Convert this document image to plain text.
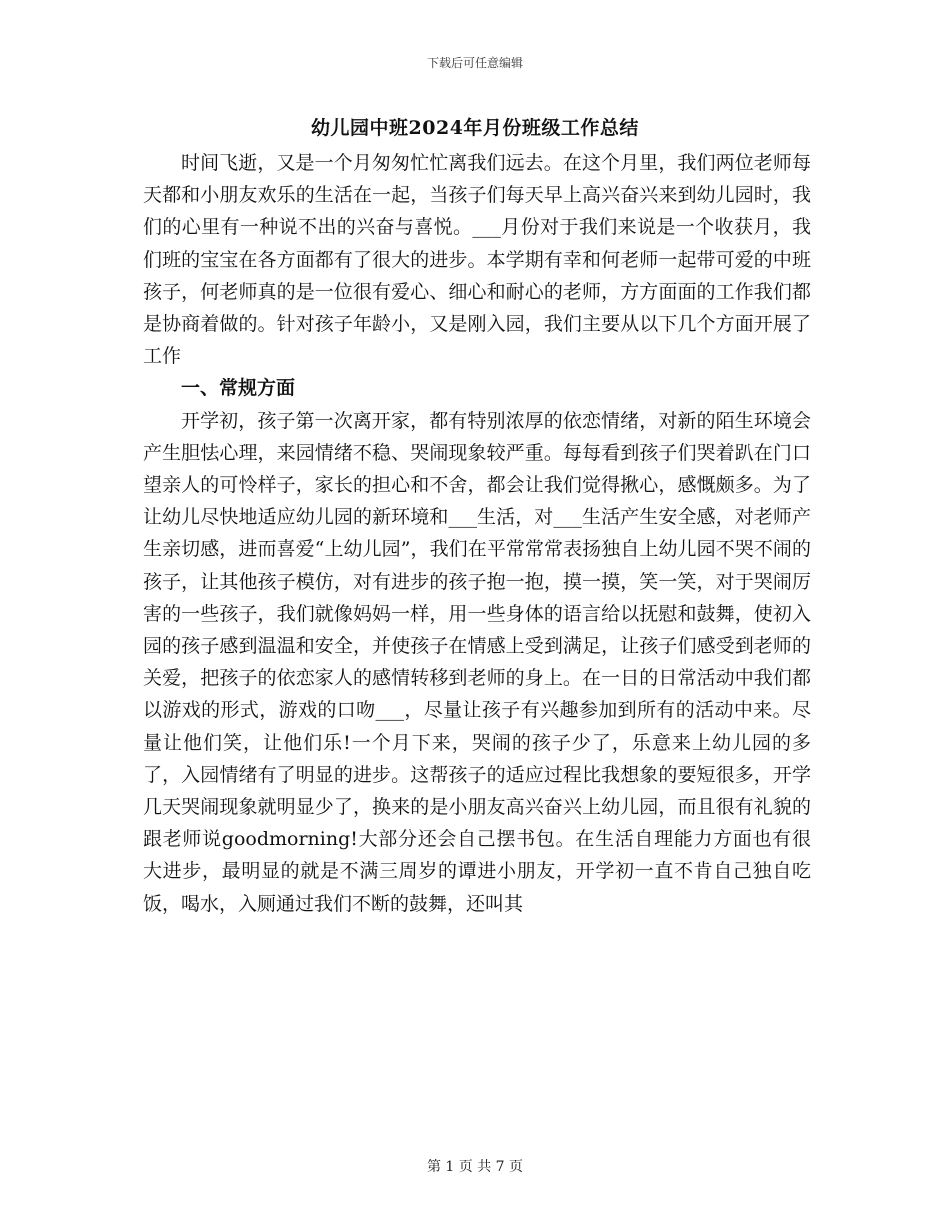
下载后可任意编辑
幼儿园中班2024年月份班级工作总结

时间飞逝，又是一个月匆匆忙忙离我们远去。在这个月里，我们两位老师每天都和小朋友欢乐的生活在一起，当孩子们每天早上高兴奋兴来到幼儿园时，我们的心里有一种说不出的兴奋与喜悦。___月份对于我们来说是一个收获月，我们班的宝宝在各方面都有了很大的进步。本学期有幸和何老师一起带可爱的中班孩子，何老师真的是一位很有爱心、细心和耐心的老师，方方面面的工作我们都是协商着做的。针对孩子年龄小，又是刚入园，我们主要从以下几个方面开展了工作

一、常规方面

开学初，孩子第一次离开家，都有特别浓厚的依恋情绪，对新的陌生环境会产生胆怯心理，来园情绪不稳、哭闹现象较严重。每每看到孩子们哭着趴在门口望亲人的可怜样子，家长的担心和不舍，都会让我们觉得揪心，感慨颇多。为了让幼儿尽快地适应幼儿园的新环境和___生活，对___生活产生安全感，对老师产生亲切感，进而喜爱“上幼儿园”，我们在平常常常表扬独自上幼儿园不哭不闹的孩子，让其他孩子模仿，对有进步的孩子抱一抱，摸一摸，笑一笑，对于哭闹厉害的一些孩子，我们就像妈妈一样，用一些身体的语言给以抚慰和鼓舞，使初入园的孩子感到温温和安全，并使孩子在情感上受到满足，让孩子们感受到老师的关爱，把孩子的依恋家人的感情转移到老师的身上。在一日的日常活动中我们都以游戏的形式，游戏的口吻___，尽量让孩子有兴趣参加到所有的活动中来。尽量让他们笑，让他们乐!一个月下来，哭闹的孩子少了，乐意来上幼儿园的多了，入园情绪有了明显的进步。这帮孩子的适应过程比我想象的要短很多，开学几天哭闹现象就明显少了，换来的是小朋友高兴奋兴上幼儿园，而且很有礼貌的跟老师说goodmorning!大部分还会自己摆书包。在生活自理能力方面也有很大进步，最明显的就是不满三周岁的谭进小朋友，开学初一直不肯自己独自吃饭，喝水，入厕通过我们不断的鼓舞，还叫其

第 1 页 共 7 页
